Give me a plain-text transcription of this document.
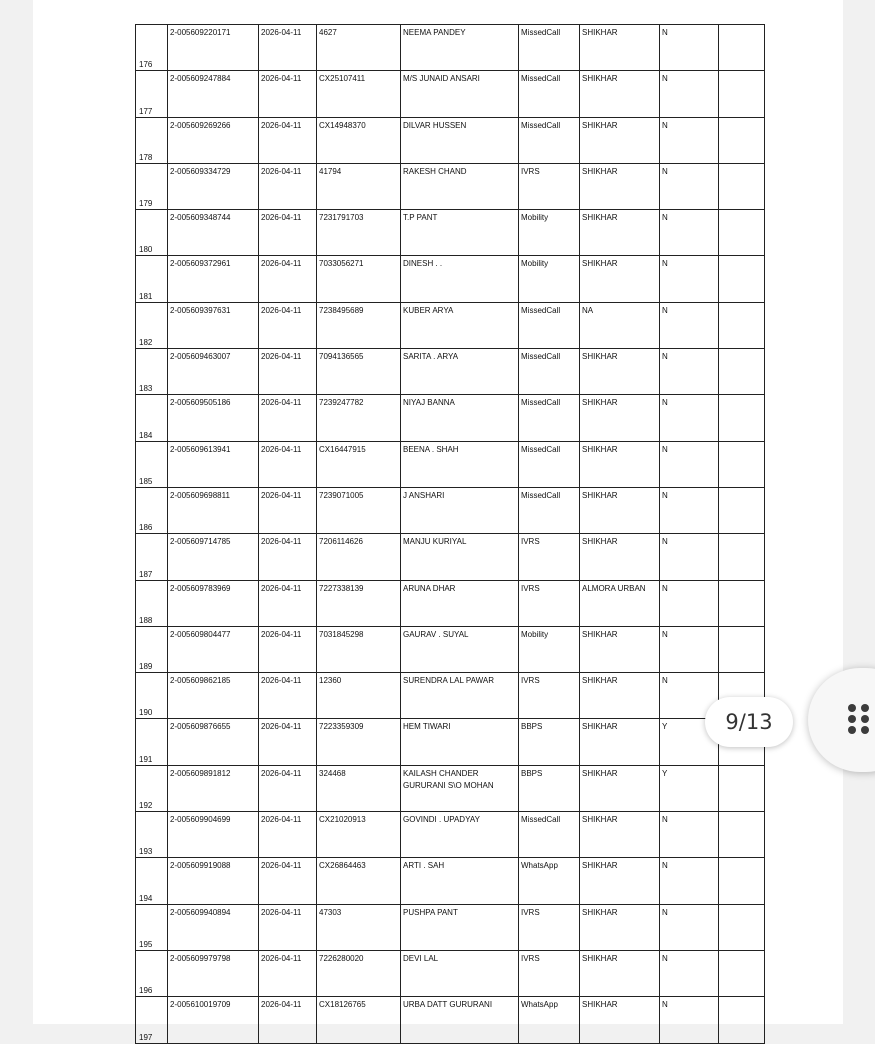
176	2-005609220171	2026-04-11	4627	NEEMA PANDEY	MissedCall	SHIKHAR	N	
177	2-005609247884	2026-04-11	CX25107411	M/S JUNAID ANSARI	MissedCall	SHIKHAR	N	
178	2-005609269266	2026-04-11	CX14948370	DILVAR HUSSEN	MissedCall	SHIKHAR	N	
179	2-005609334729	2026-04-11	41794	RAKESH CHAND	IVRS	SHIKHAR	N	
180	2-005609348744	2026-04-11	7231791703	T.P PANT	Mobility	SHIKHAR	N	
181	2-005609372961	2026-04-11	7033056271	DINESH . .	Mobility	SHIKHAR	N	
182	2-005609397631	2026-04-11	7238495689	KUBER ARYA	MissedCall	NA	N	
183	2-005609463007	2026-04-11	7094136565	SARITA . ARYA	MissedCall	SHIKHAR	N	
184	2-005609505186	2026-04-11	7239247782	NIYAJ BANNA	MissedCall	SHIKHAR	N	
185	2-005609613941	2026-04-11	CX16447915	BEENA . SHAH	MissedCall	SHIKHAR	N	
186	2-005609698811	2026-04-11	7239071005	J ANSHARI	MissedCall	SHIKHAR	N	
187	2-005609714785	2026-04-11	7206114626	MANJU KURIYAL	IVRS	SHIKHAR	N	
188	2-005609783969	2026-04-11	7227338139	ARUNA DHAR	IVRS	ALMORA URBAN	N	
189	2-005609804477	2026-04-11	7031845298	GAURAV . SUYAL	Mobility	SHIKHAR	N	
190	2-005609862185	2026-04-11	12360	SURENDRA LAL PAWAR	IVRS	SHIKHAR	N	
191	2-005609876655	2026-04-11	7223359309	HEM TIWARI	BBPS	SHIKHAR	Y	
192	2-005609891812	2026-04-11	324468	KAILASH CHANDER GURURANI S\O MOHAN	BBPS	SHIKHAR	Y	
193	2-005609904699	2026-04-11	CX21020913	GOVINDI . UPADYAY	MissedCall	SHIKHAR	N	
194	2-005609919088	2026-04-11	CX26864463	ARTI . SAH	WhatsApp	SHIKHAR	N	
195	2-005609940894	2026-04-11	47303	PUSHPA PANT	IVRS	SHIKHAR	N	
196	2-005609979798	2026-04-11	7226280020	DEVI LAL	IVRS	SHIKHAR	N	
197	2-005610019709	2026-04-11	CX18126765	URBA DATT GURURANI	WhatsApp	SHIKHAR	N	
9/13
